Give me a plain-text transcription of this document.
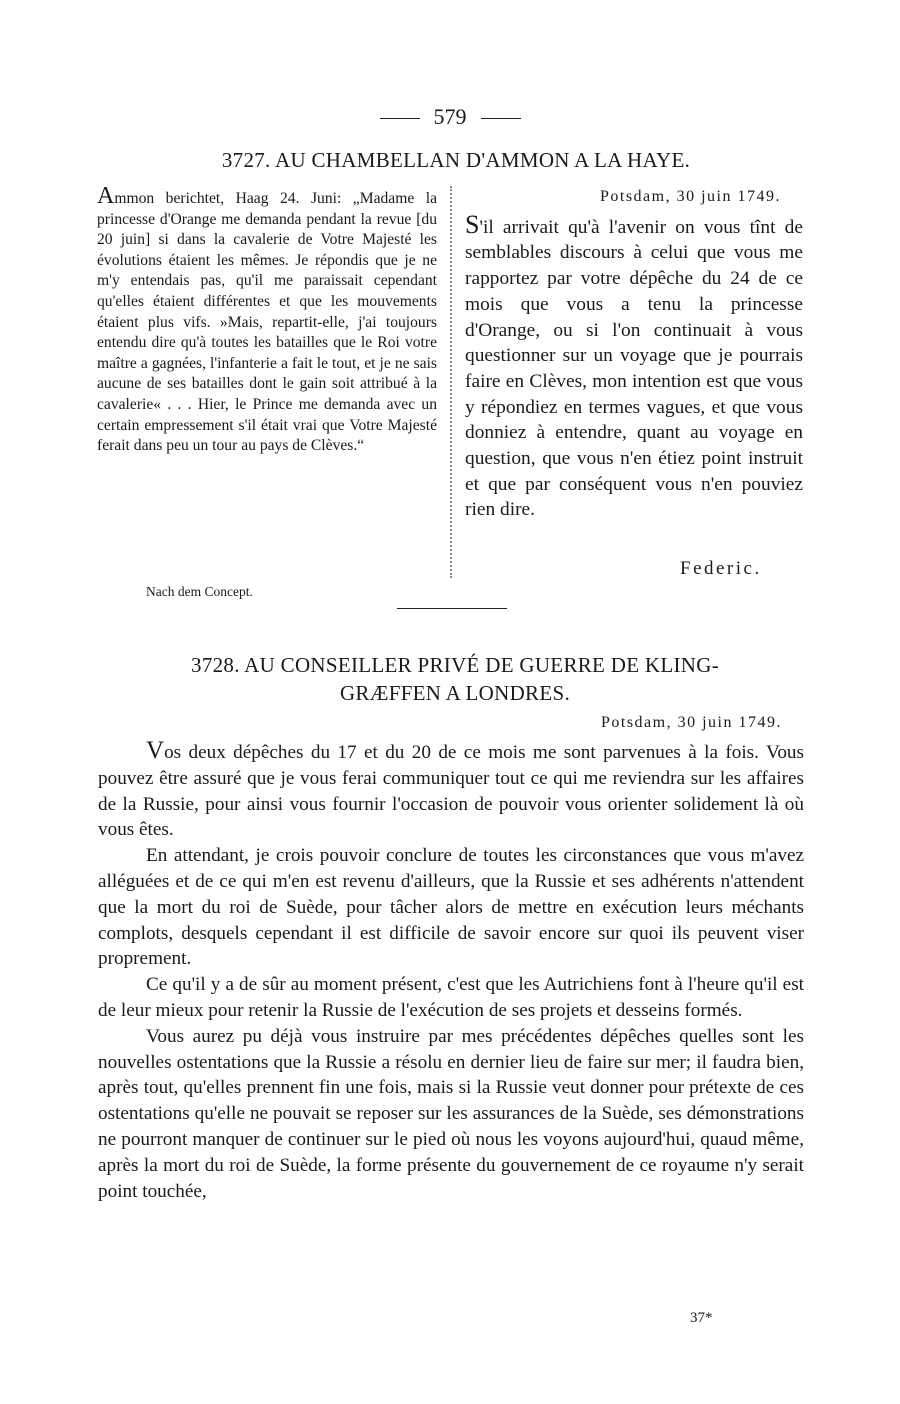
579
3727. AU CHAMBELLAN D'AMMON A LA HAYE.
Ammon berichtet, Haag 24. Juni: „Madame la princesse d'Orange me demanda pendant la revue [du 20 juin] si dans la cavalerie de Votre Majesté les évolutions étaient les mêmes. Je répondis que je ne m'y entendais pas, qu'il me paraissait cependant qu'elles étaient différentes et que les mouvements étaient plus vifs. »Mais, repartit-elle, j'ai toujours entendu dire qu'à toutes les batailles que le Roi votre maître a gagnées, l'infanterie a fait le tout, et je ne sais aucune de ses batailles dont le gain soit attribué à la cavalerie« . . . Hier, le Prince me demanda avec un certain empressement s'il était vrai que Votre Majesté ferait dans peu un tour au pays de Clèves.“
Potsdam, 30 juin 1749.
S'il arrivait qu'à l'avenir on vous tînt de semblables discours à celui que vous me rapportez par votre dépêche du 24 de ce mois que vous a tenu la princesse d'Orange, ou si l'on continuait à vous questionner sur un voyage que je pourrais faire en Clèves, mon intention est que vous y répondiez en termes vagues, et que vous donniez à entendre, quant au voyage en question, que vous n'en étiez point instruit et que par conséquent vous n'en pouviez rien dire.
Federic.
Nach dem Concept.
3728. AU CONSEILLER PRIVÉ DE GUERRE DE KLING-
GRÆFFEN A LONDRES.
Potsdam, 30 juin 1749.

Vos deux dépêches du 17 et du 20 de ce mois me sont parvenues à la fois. Vous pouvez être assuré que je vous ferai communiquer tout ce qui me reviendra sur les affaires de la Russie, pour ainsi vous fournir l'occasion de pouvoir vous orienter solidement là où vous êtes.

En attendant, je crois pouvoir conclure de toutes les circonstances que vous m'avez alléguées et de ce qui m'en est revenu d'ailleurs, que la Russie et ses adhérents n'attendent que la mort du roi de Suède, pour tâcher alors de mettre en exécution leurs méchants complots, desquels cependant il est difficile de savoir encore sur quoi ils peuvent viser proprement.

Ce qu'il y a de sûr au moment présent, c'est que les Autrichiens font à l'heure qu'il est de leur mieux pour retenir la Russie de l'exécution de ses projets et desseins formés.

Vous aurez pu déjà vous instruire par mes précédentes dépêches quelles sont les nouvelles ostentations que la Russie a résolu en dernier lieu de faire sur mer; il faudra bien, après tout, qu'elles prennent fin une fois, mais si la Russie veut donner pour prétexte de ces ostentations qu'elle ne pouvait se reposer sur les assurances de la Suède, ses démonstrations ne pourront manquer de continuer sur le pied où nous les voyons aujourd'hui, quaud même, après la mort du roi de Suède, la forme présente du gouvernement de ce royaume n'y serait point touchée,

37*
